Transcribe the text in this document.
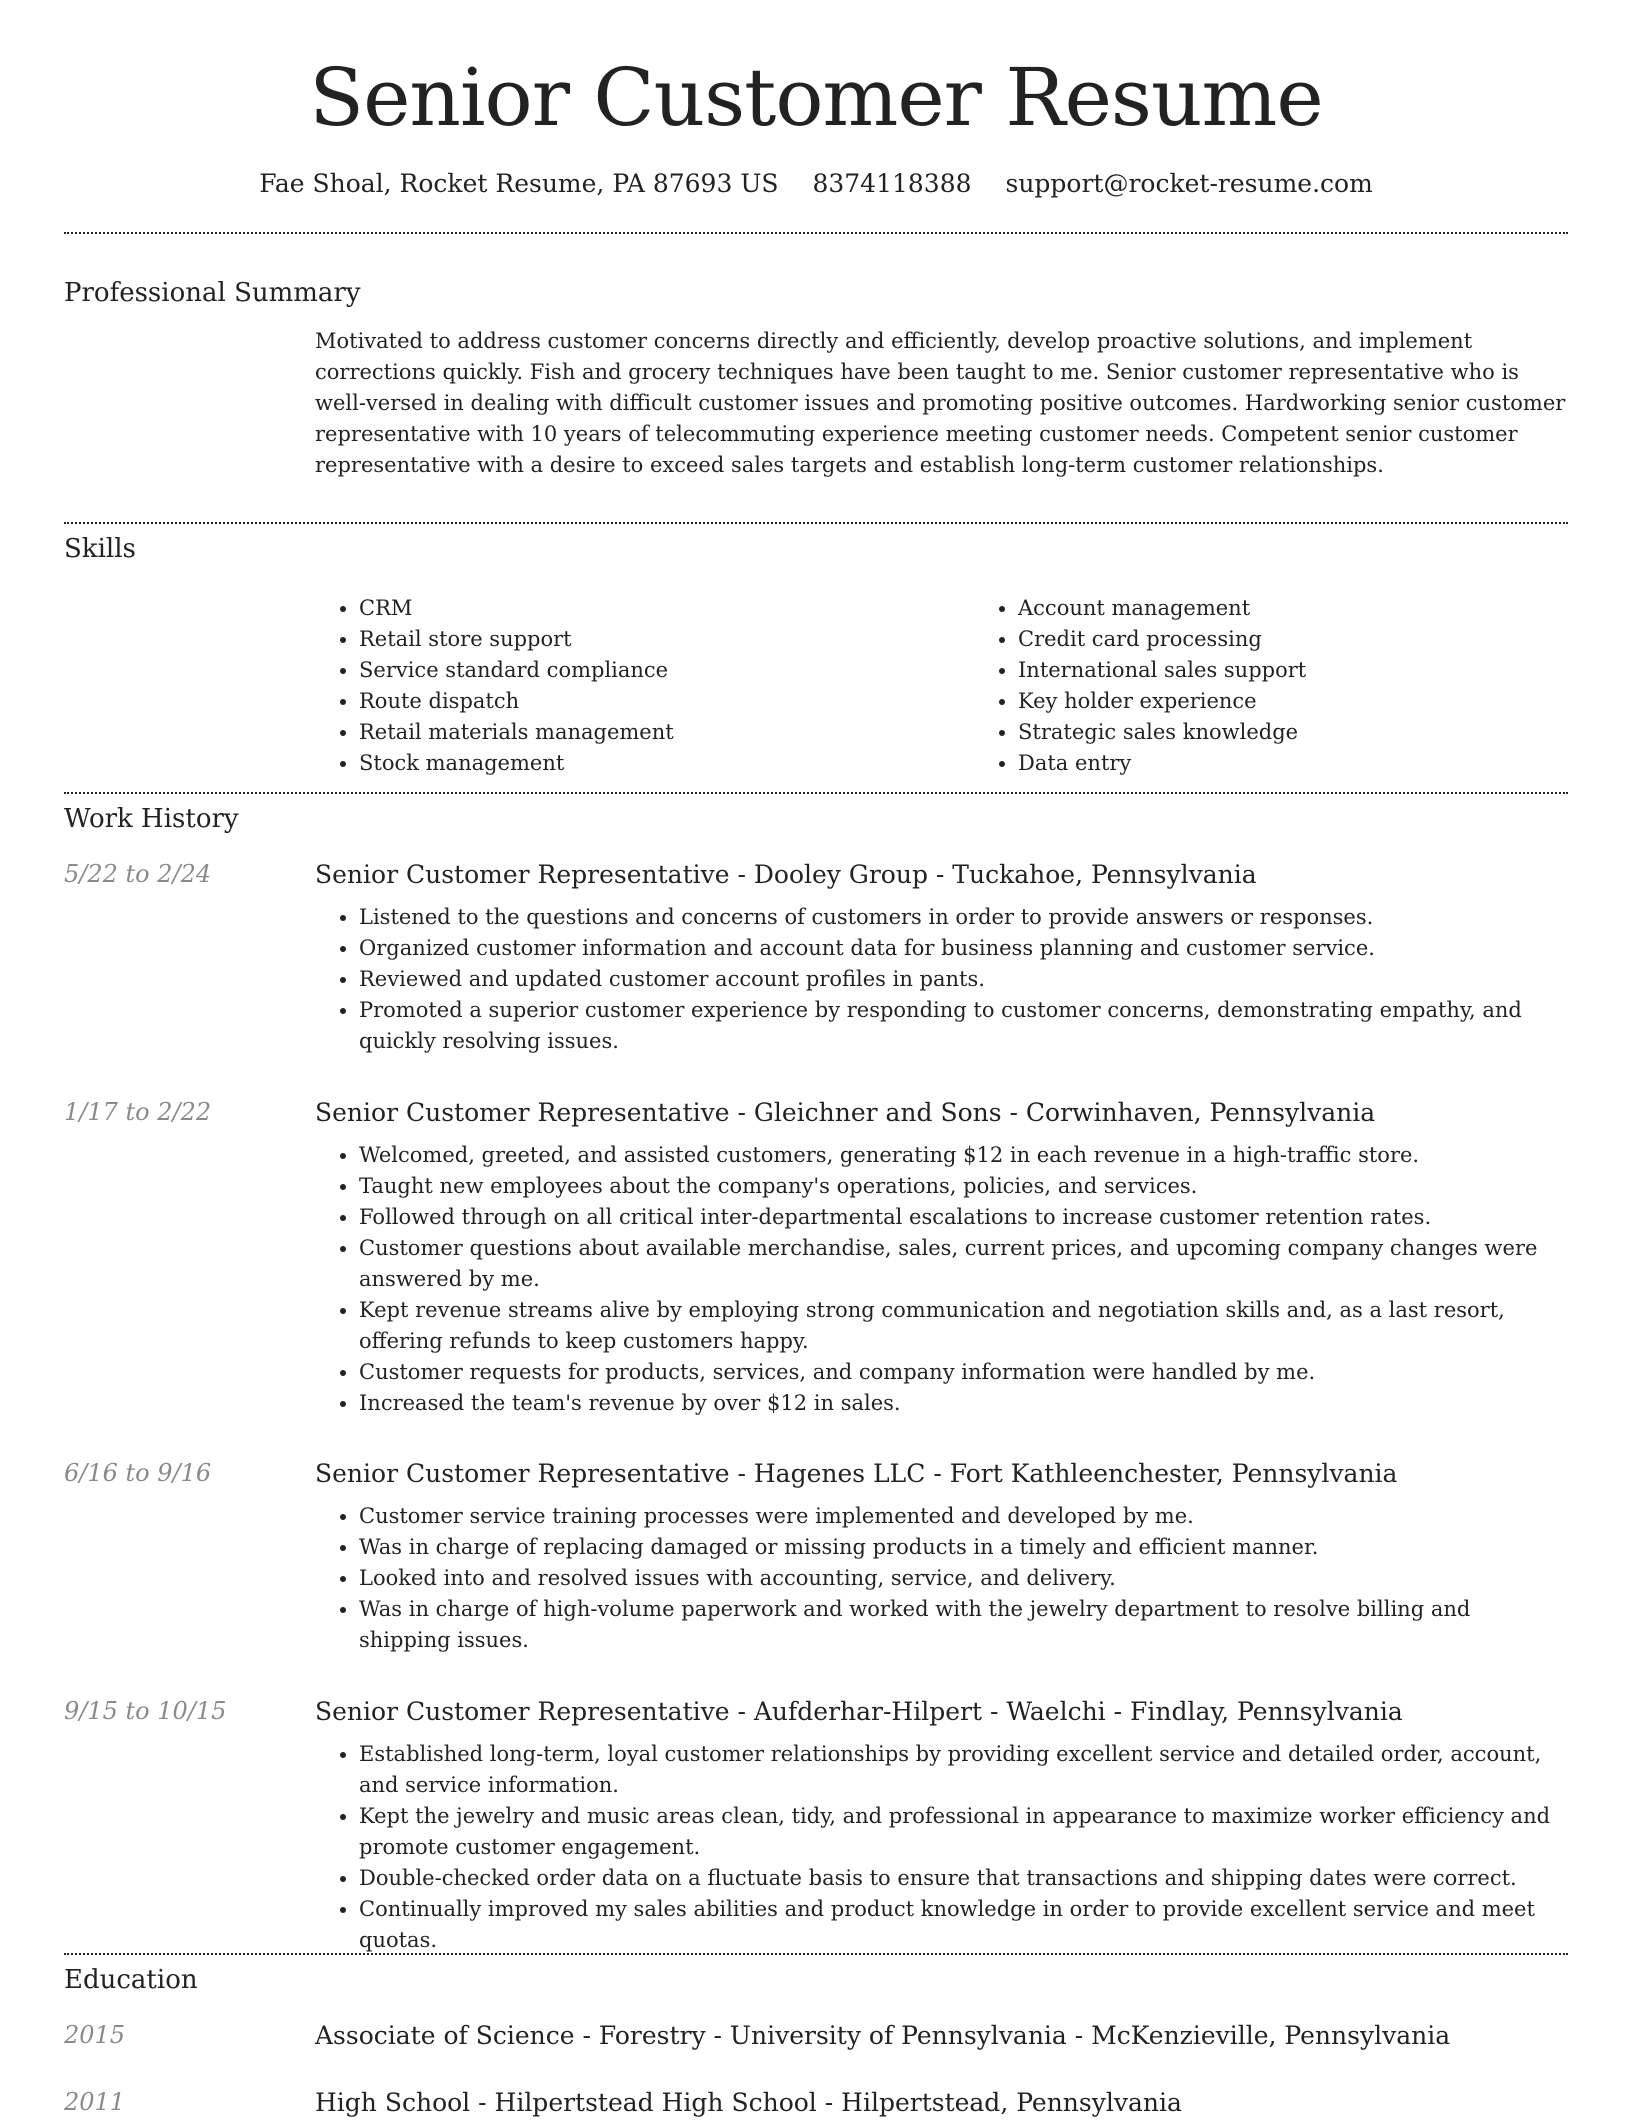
Senior Customer Resume
Fae Shoal, Rocket Resume, PA 87693 US 8374118388 support@rocket-resume.com
Professional Summary

Motivated to address customer concerns directly and efficiently, develop proactive solutions, and implement corrections quickly. Fish and grocery techniques have been taught to me. Senior customer representative who is well-versed in dealing with difficult customer issues and promoting positive outcomes. Hardworking senior customer representative with 10 years of telecommuting experience meeting customer needs. Competent senior customer representative with a desire to exceed sales targets and establish long-term customer relationships.

Skills
• CRM
• Retail store support
• Service standard compliance
• Route dispatch
• Retail materials management
• Stock management
• Account management
• Credit card processing
• International sales support
• Key holder experience
• Strategic sales knowledge
• Data entry
Work History
5/22 to 2/24	Senior Customer Representative - Dooley Group - Tuckahoe, Pennsylvania
• Listened to the questions and concerns of customers in order to provide answers or responses.
• Organized customer information and account data for business planning and customer service.
• Reviewed and updated customer account profiles in pants.
• Promoted a superior customer experience by responding to customer concerns, demonstrating empathy, and quickly resolving issues.
1/17 to 2/22	Senior Customer Representative - Gleichner and Sons - Corwinhaven, Pennsylvania
• Welcomed, greeted, and assisted customers, generating $12 in each revenue in a high-traffic store.
• Taught new employees about the company's operations, policies, and services.
• Followed through on all critical inter-departmental escalations to increase customer retention rates.
• Customer questions about available merchandise, sales, current prices, and upcoming company changes were answered by me.
• Kept revenue streams alive by employing strong communication and negotiation skills and, as a last resort, offering refunds to keep customers happy.
• Customer requests for products, services, and company information were handled by me.
• Increased the team's revenue by over $12 in sales.
6/16 to 9/16	Senior Customer Representative - Hagenes LLC - Fort Kathleenchester, Pennsylvania
• Customer service training processes were implemented and developed by me.
• Was in charge of replacing damaged or missing products in a timely and efficient manner.
• Looked into and resolved issues with accounting, service, and delivery.
• Was in charge of high-volume paperwork and worked with the jewelry department to resolve billing and shipping issues.
9/15 to 10/15	Senior Customer Representative - Aufderhar-Hilpert - Waelchi - Findlay, Pennsylvania
• Established long-term, loyal customer relationships by providing excellent service and detailed order, account, and service information.
• Kept the jewelry and music areas clean, tidy, and professional in appearance to maximize worker efficiency and promote customer engagement.
• Double-checked order data on a fluctuate basis to ensure that transactions and shipping dates were correct.
• Continually improved my sales abilities and product knowledge in order to provide excellent service and meet quotas.
Education
2015	Associate of Science - Forestry - University of Pennsylvania - McKenzieville, Pennsylvania
2011	High School - Hilpertstead High School - Hilpertstead, Pennsylvania
